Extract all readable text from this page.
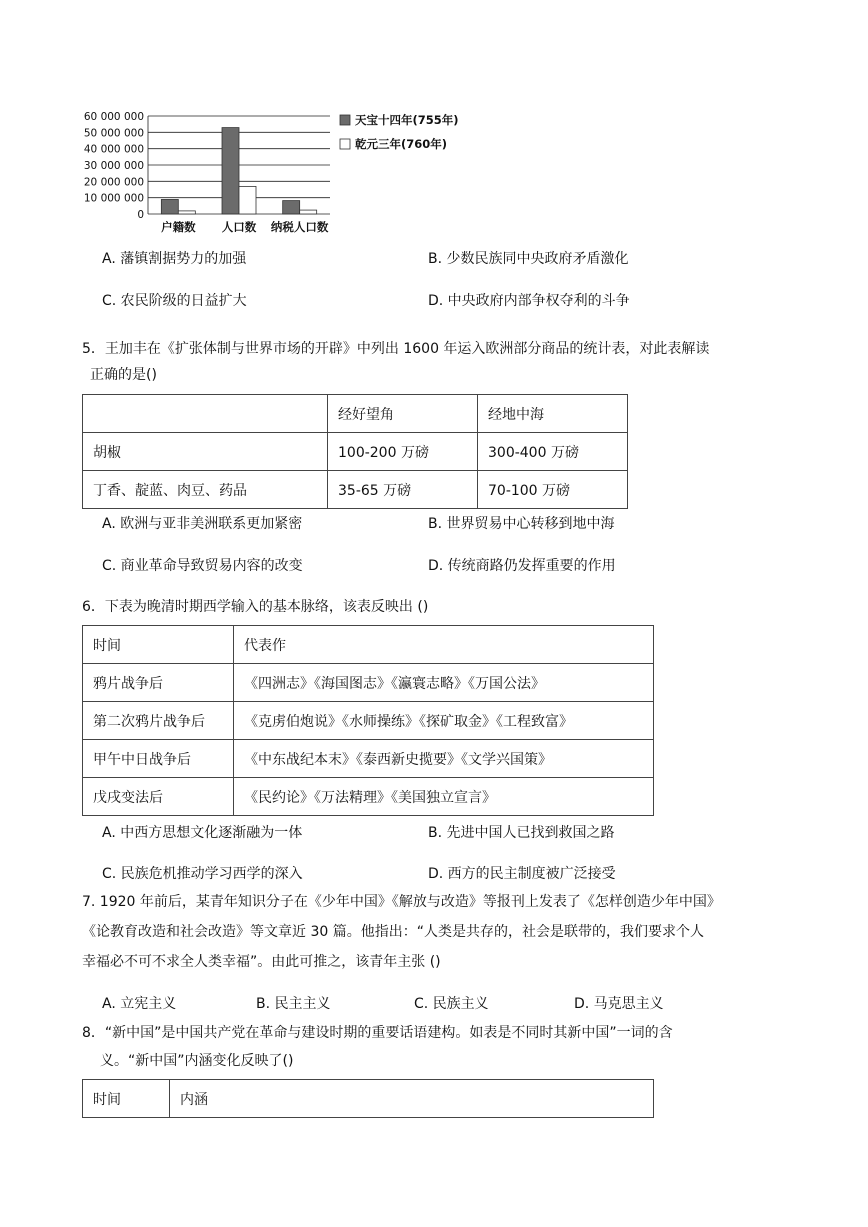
60 000 000
50 000 000
40 000 000
30 000 000
20 000 000
10 000 000
0
户籍数 人口数 纳税人口数
天宝十四年(755年)
乾元三年(760年)
A. 藩镇割据势力的加强	B. 少数民族同中央政府矛盾激化
C. 农民阶级的日益扩大	D. 中央政府内部争权夺利的斗争
5．王加丰在《扩张体制与世界市场的开辟》中列出 1600 年运入欧洲部分商品的统计表，对此表解读
正确的是()
	经好望角	经地中海
胡椒	100-200 万磅	300-400 万磅
丁香、靛蓝、肉豆、药品	35-65 万磅	70-100 万磅
A. 欧洲与亚非美洲联系更加紧密	B. 世界贸易中心转移到地中海
C. 商业革命导致贸易内容的改变	D. 传统商路仍发挥重要的作用
6．下表为晚清时期西学输入的基本脉络，该表反映出 ()
时间	代表作
鸦片战争后	《四洲志》《海国图志》《瀛寰志略》《万国公法》
第二次鸦片战争后	《克虏伯炮说》《水师操练》《探矿取金》《工程致富》
甲午中日战争后	《中东战纪本末》《泰西新史揽要》《文学兴国策》
戊戌变法后	《民约论》《万法精理》《美国独立宣言》
A. 中西方思想文化逐渐融为一体	B. 先进中国人已找到救国之路
C. 民族危机推动学习西学的深入	D. 西方的民主制度被广泛接受
7. 1920 年前后，某青年知识分子在《少年中国》《解放与改造》等报刊上发表了《怎样创造少年中国》
《论教育改造和社会改造》等文章近 30 篇。他指出：“人类是共存的，社会是联带的，我们要求个人
幸福必不可不求全人类幸福”。由此可推之，该青年主张 ()
A. 立宪主义	B. 民主主义	C. 民族主义	D. 马克思主义
8．“新中国”是中国共产党在革命与建设时期的重要话语建构。如表是不同时其新中国”一词的含
义。“新中国”内涵变化反映了()
时间	内涵
